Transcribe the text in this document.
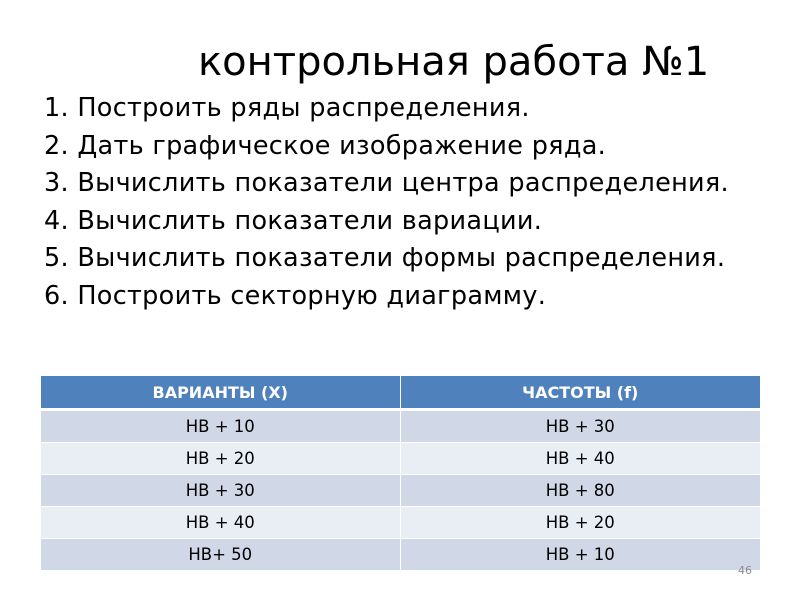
контрольная работа №1
1. Построить ряды распределения.
2. Дать графическое изображение ряда.
3. Вычислить показатели центра распределения.
4. Вычислить показатели вариации.
5. Вычислить показатели формы распределения.
6. Построить секторную диаграмму.
ВАРИАНТЫ (Х)	ЧАСТОТЫ (f)
НВ + 10	НВ + 30
НВ + 20	НВ + 40
НВ + 30	НВ + 80
НВ + 40	НВ + 20
НВ+ 50	НВ + 10
46
